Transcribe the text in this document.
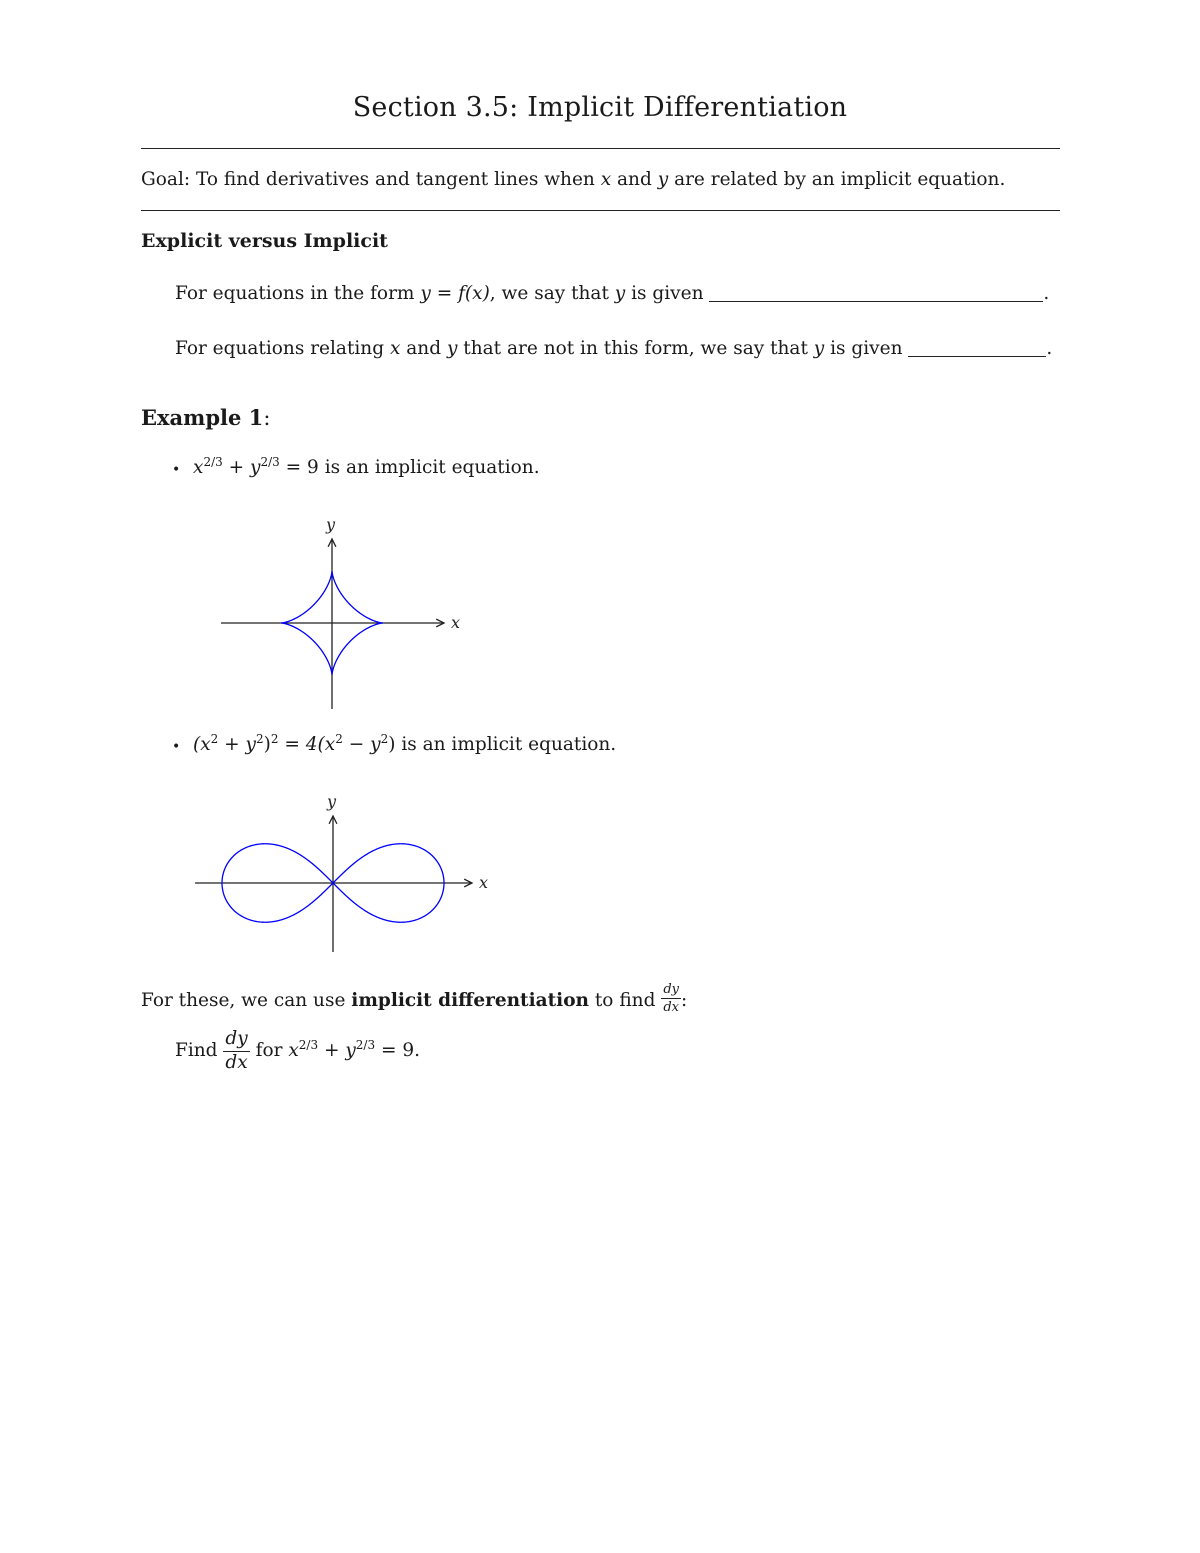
Section 3.5: Implicit Differentiation
Goal: To find derivatives and tangent lines when x and y are related by an implicit equation.
Explicit versus Implicit
For equations in the form y = f(x), we say that y is given	.
For equations relating x and y that are not in this form, we say that y is given	.
Example 1:
• $x^{2/3} + y^{2/3} = 9$ is an implicit equation.
x
y
• $(x^2 + y^2)^2 = 4(x^2 - y^2)$ is an implicit equation.
x
y
For these, we can use implicit differentiation to find $\frac{dy}{dx}$ :
Find $\frac{dy}{dx}$ for $x^{2/3} + y^{2/3} = 9$.
